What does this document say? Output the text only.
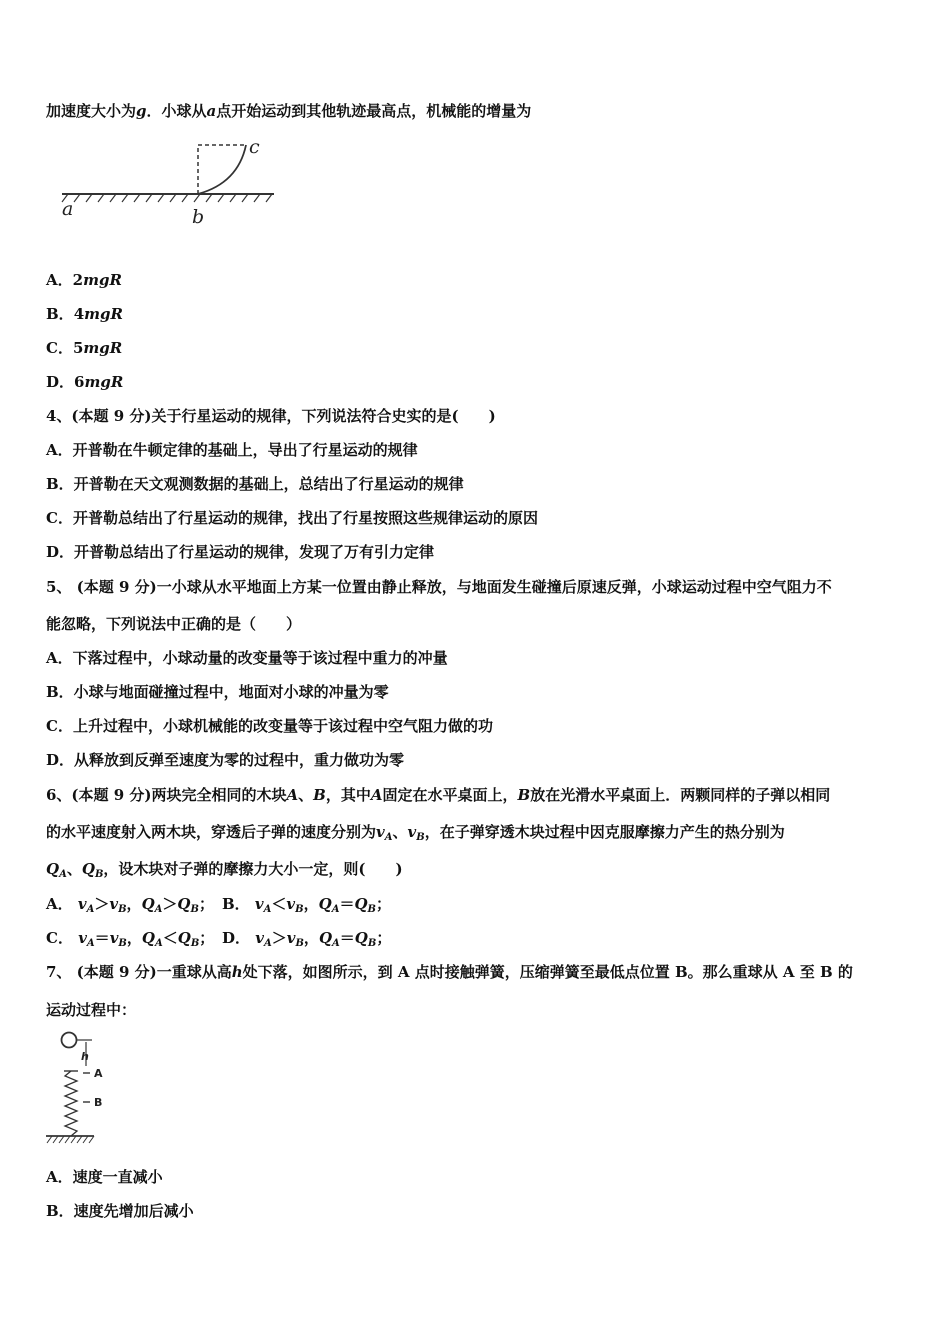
加速度大小为g．小球从a点开始运动到其他轨迹最高点，机械能的增量为
a	b
c
A．2mgR
B．4mgR
C．5mgR
D．6mgR
4、(本题 9 分)关于行星运动的规律，下列说法符合史实的是(　　)
A．开普勒在牛顿定律的基础上，导出了行星运动的规律
B．开普勒在天文观测数据的基础上，总结出了行星运动的规律
C．开普勒总结出了行星运动的规律，找出了行星按照这些规律运动的原因
D．开普勒总结出了行星运动的规律，发现了万有引力定律
5、 (本题 9 分)一小球从水平地面上方某一位置由静止释放，与地面发生碰撞后原速反弹，小球运动过程中空气阻力不
能忽略，下列说法中正确的是（　　）
A．下落过程中，小球动量的改变量等于该过程中重力的冲量
B．小球与地面碰撞过程中，地面对小球的冲量为零
C．上升过程中，小球机械能的改变量等于该过程中空气阻力做的功
D．从释放到反弹至速度为零的过程中，重力做功为零
6、(本题 9 分)两块完全相同的木块A、B，其中A固定在水平桌面上，B放在光滑水平桌面上．两颗同样的子弹以相同
的水平速度射入两木块，穿透后子弹的速度分别为$v_A$、$v_B$，在子弹穿透木块过程中因克服摩擦力产生的热分别为
$Q_A$、$Q_B$，设木块对子弹的摩擦力大小一定，则(　　)
A． $v_A>v_B$，$Q_A>Q_B$； B． $v_A<v_B$，$Q_A=Q_B$；
C． $v_A=v_B$，$Q_A<Q_B$； D． $v_A>v_B$，$Q_A=Q_B$；
7、 (本题 9 分)一重球从高h处下落，如图所示，到 A 点时接触弹簧，压缩弹簧至最低点位置 B。那么重球从 A 至 B 的
运动过程中：
h
A
B
A．速度一直减小
B．速度先增加后减小
